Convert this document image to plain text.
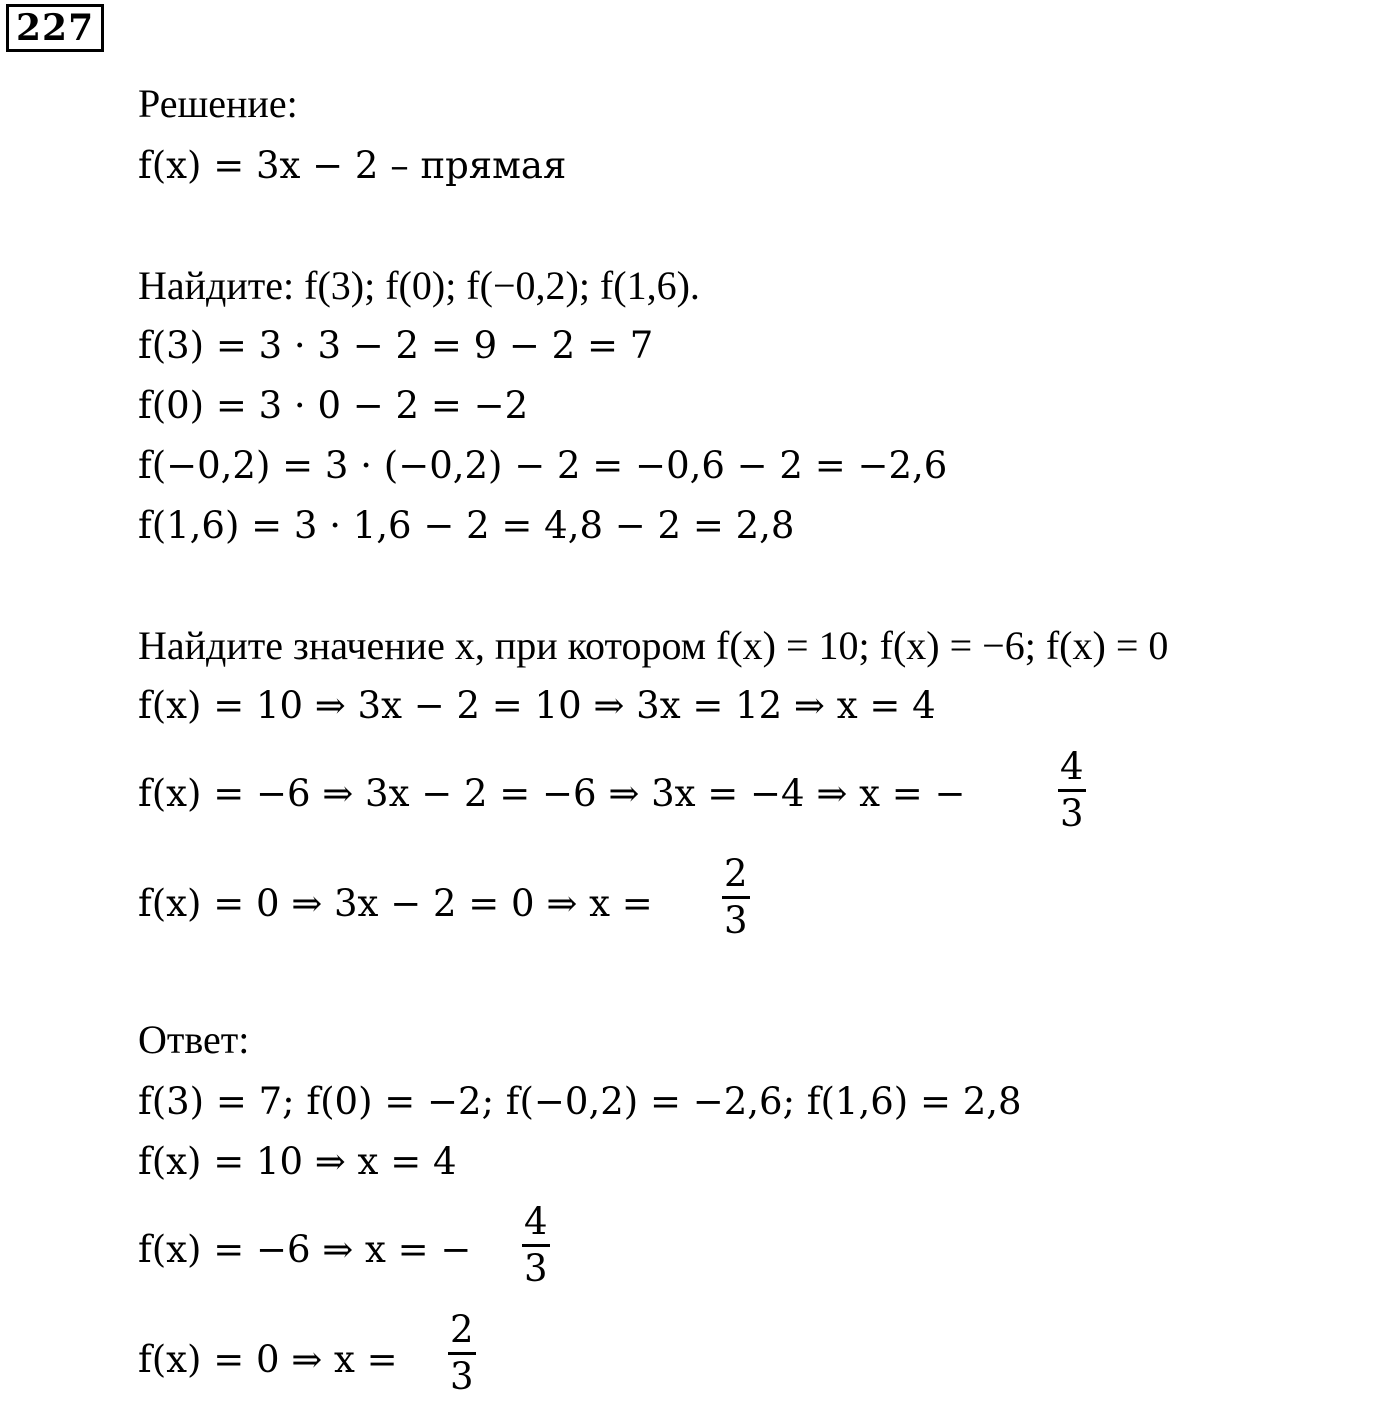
227
Решение:
f(x) = 3x − 2 – прямая
Найдите: f(3); f(0); f(−0,2); f(1,6).
f(3) = 3 · 3 − 2 = 9 − 2 = 7
f(0) = 3 · 0 − 2 = −2
f(−0,2) = 3 · (−0,2) − 2 = −0,6 − 2 = −2,6
f(1,6) = 3 · 1,6 − 2 = 4,8 − 2 = 2,8
Найдите значение x, при котором f(x) = 10; f(x) = −6; f(x) = 0
f(x) = 10 ⇒ 3x − 2 = 10 ⇒ 3x = 12 ⇒ x = 4
f(x) = −6 ⇒ 3x − 2 = −6 ⇒ 3x = −4 ⇒ x = −
4
3
f(x) = 0 ⇒ 3x − 2 = 0 ⇒ x =
2
3
Ответ:
f(3) = 7; f(0) = −2; f(−0,2) = −2,6; f(1,6) = 2,8
f(x) = 10 ⇒ x = 4
f(x) = −6 ⇒ x = −
4
3
f(x) = 0 ⇒ x =
2
3
